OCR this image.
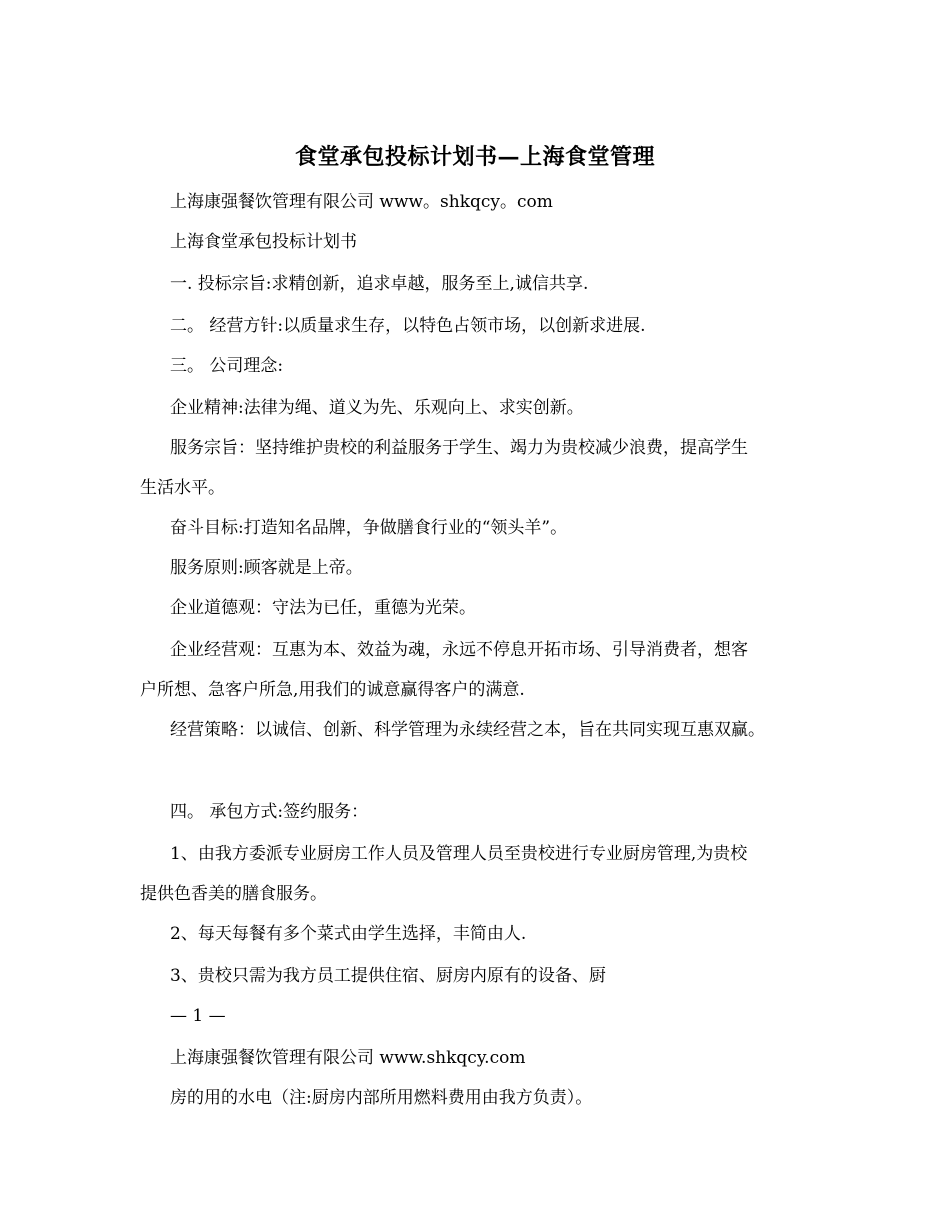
食堂承包投标计划书—上海食堂管理
上海康强餐饮管理有限公司 www。shkqcy。com
上海食堂承包投标计划书
一. 投标宗旨:求精创新，追求卓越，服务至上,诚信共享.
二。 经营方针:以质量求生存，以特色占领市场，以创新求进展.
三。 公司理念:
企业精神:法律为绳、道义为先、乐观向上、求实创新。
服务宗旨：坚持维护贵校的利益服务于学生、竭力为贵校减少浪费，提高学生
生活水平。
奋斗目标:打造知名品牌，争做膳食行业的“领头羊”。
服务原则:顾客就是上帝。
企业道德观：守法为已任，重德为光荣。
企业经营观：互惠为本、效益为魂，永远不停息开拓市场、引导消费者，想客
户所想、急客户所急,用我们的诚意赢得客户的满意.
经营策略：以诚信、创新、科学管理为永续经营之本，旨在共同实现互惠双赢。
四。 承包方式:签约服务：
1、由我方委派专业厨房工作人员及管理人员至贵校进行专业厨房管理,为贵校
提供色香美的膳食服务。
2、每天每餐有多个菜式由学生选择，丰简由人.
3、贵校只需为我方员工提供住宿、厨房内原有的设备、厨
— 1 —
上海康强餐饮管理有限公司 www.shkqcy.com
房的用的水电（注:厨房内部所用燃料费用由我方负责）。
